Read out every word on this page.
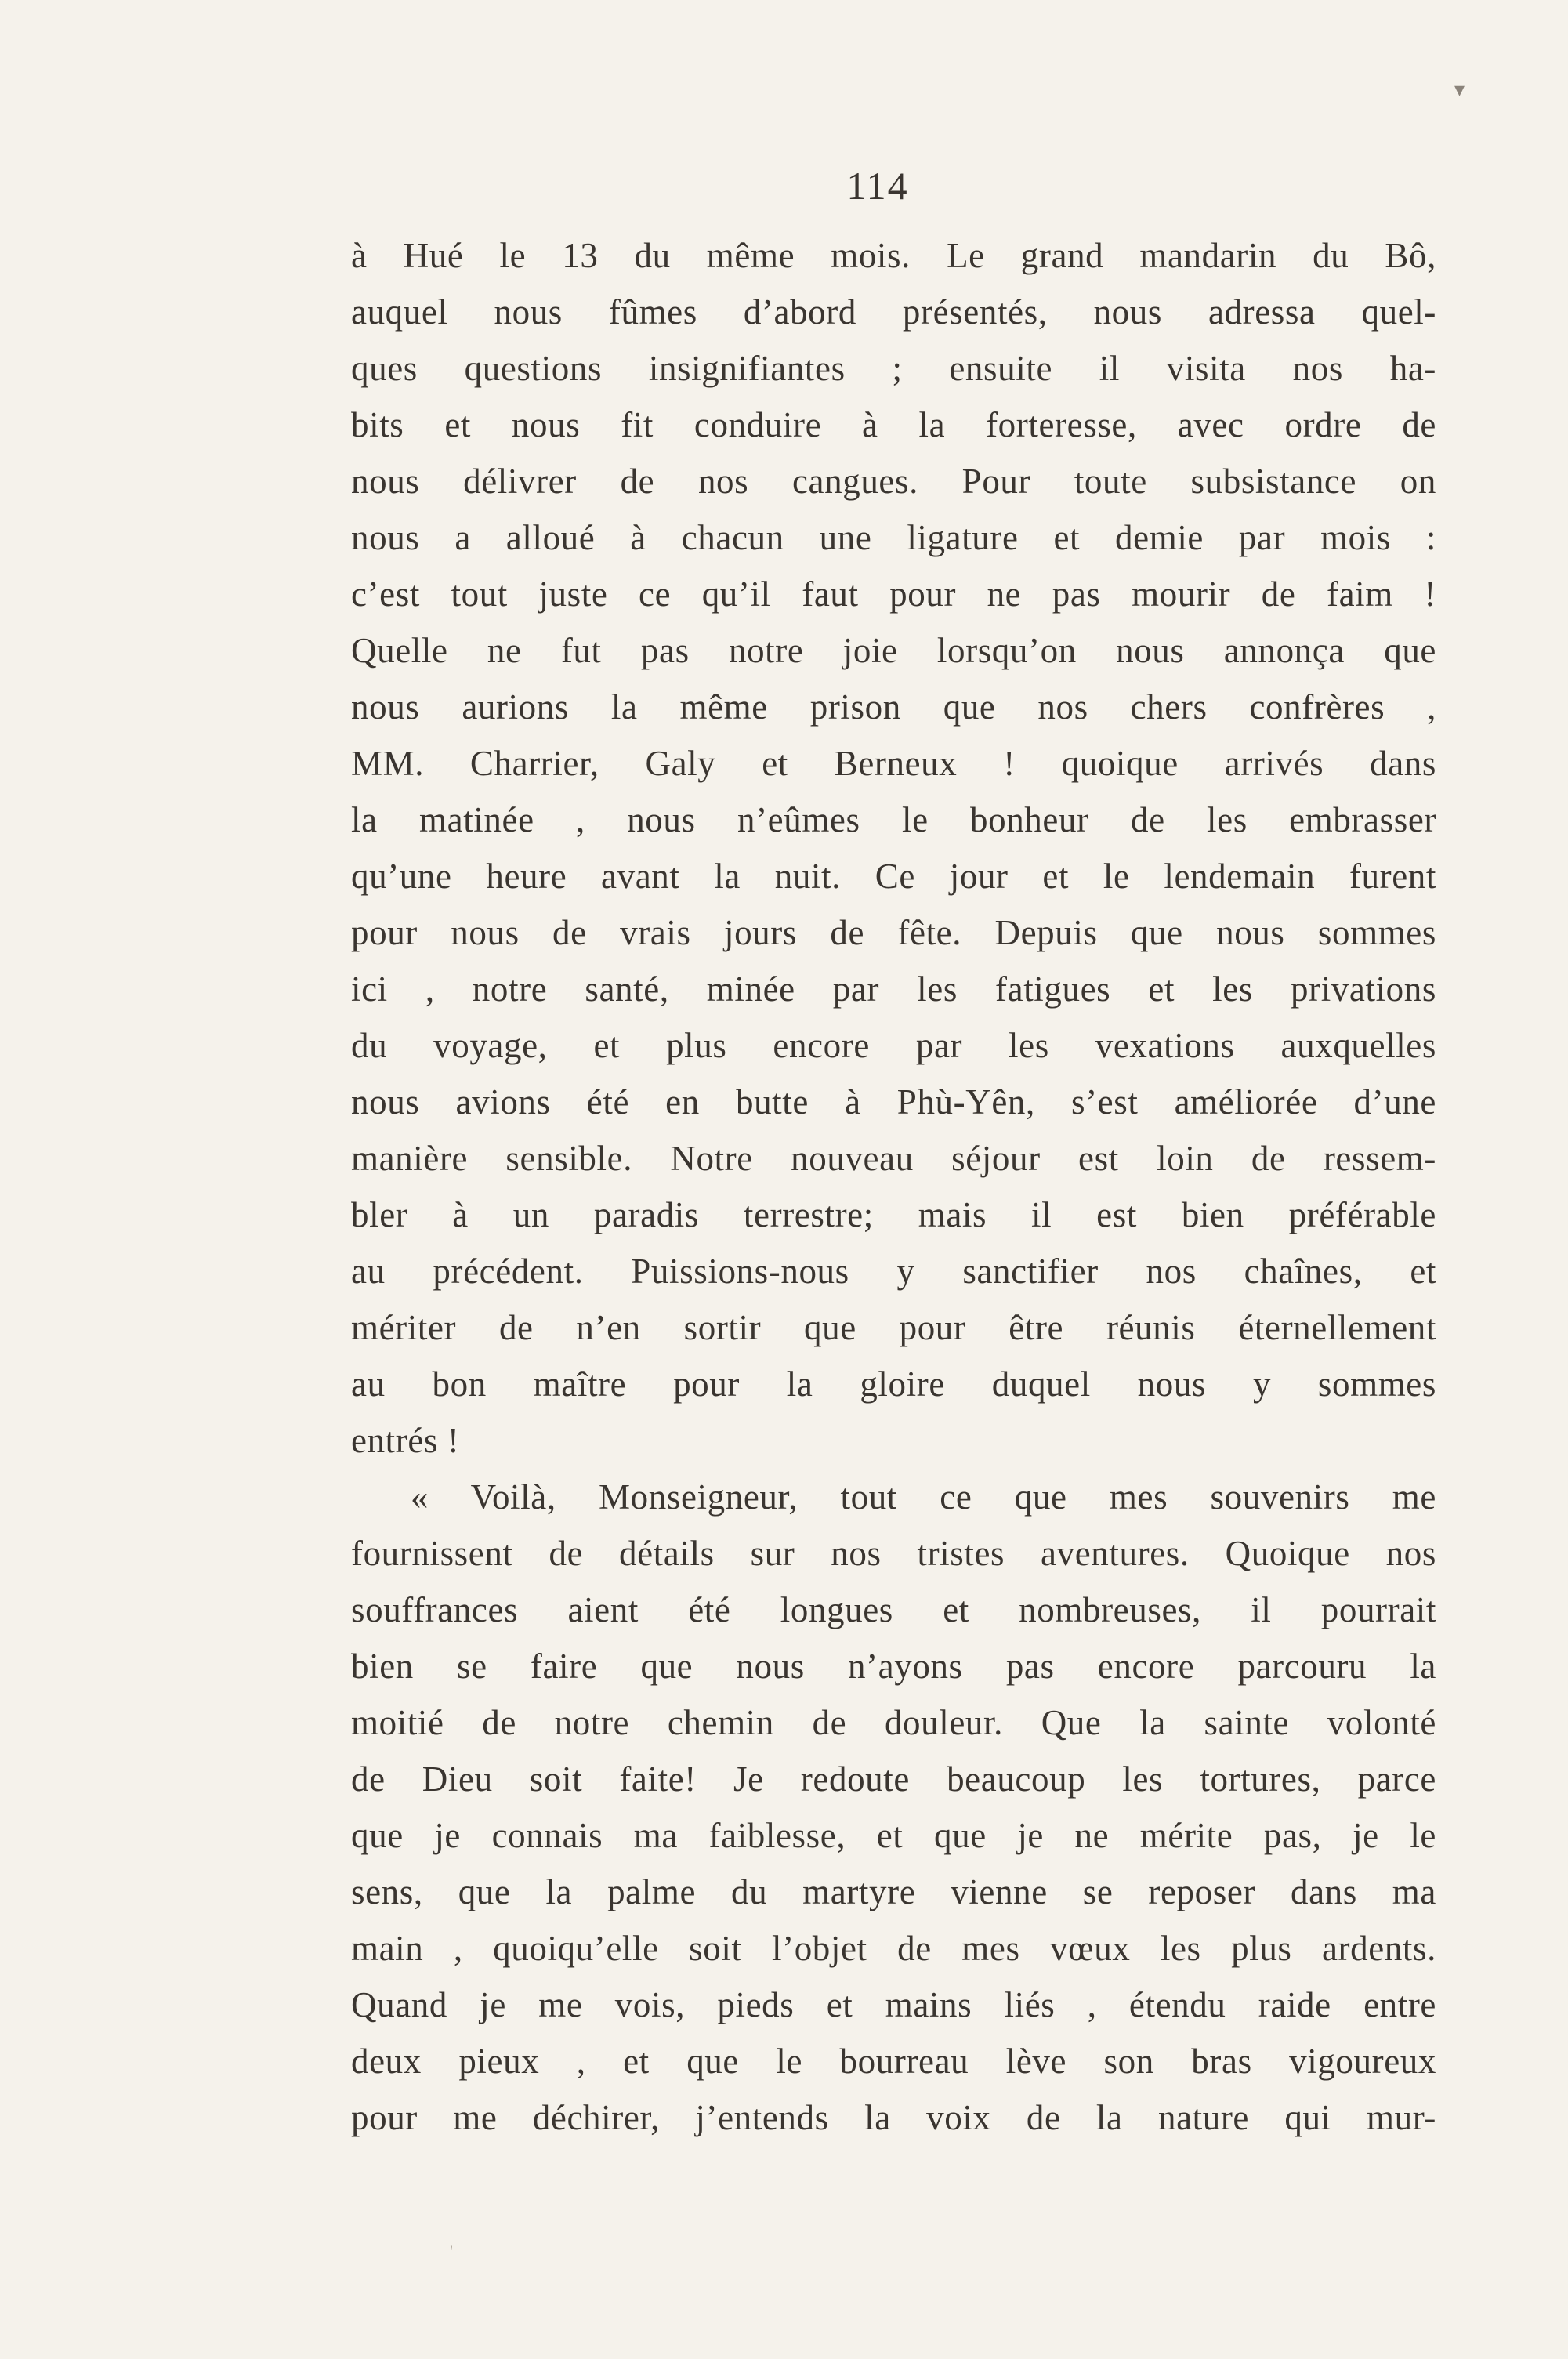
▾
114
à Hué le 13 du même mois. Le grand mandarin du Bô,
auquel nous fûmes d’abord présentés, nous adressa quel-
ques questions insignifiantes ; ensuite il visita nos ha-
bits et nous fit conduire à la forteresse, avec ordre de
nous délivrer de nos cangues. Pour toute subsistance on
nous a alloué à chacun une ligature et demie par mois :
c’est tout juste ce qu’il faut pour ne pas mourir de faim !
Quelle ne fut pas notre joie lorsqu’on nous annonça que
nous aurions la même prison que nos chers confrères ,
MM. Charrier, Galy et Berneux ! quoique arrivés dans
la matinée , nous n’eûmes le bonheur de les embrasser
qu’une heure avant la nuit. Ce jour et le lendemain furent
pour nous de vrais jours de fête. Depuis que nous sommes
ici , notre santé, minée par les fatigues et les privations
du voyage, et plus encore par les vexations auxquelles
nous avions été en butte à Phù-Yên, s’est améliorée d’une
manière sensible. Notre nouveau séjour est loin de ressem-
bler à un paradis terrestre; mais il est bien préférable
au précédent. Puissions-nous y sanctifier nos chaînes, et
mériter de n’en sortir que pour être réunis éternellement
au bon maître pour la gloire duquel nous y sommes
entrés !
« Voilà, Monseigneur, tout ce que mes souvenirs me
fournissent de détails sur nos tristes aventures. Quoique nos
souffrances aient été longues et nombreuses, il pourrait
bien se faire que nous n’ayons pas encore parcouru la
moitié de notre chemin de douleur. Que la sainte volonté
de Dieu soit faite! Je redoute beaucoup les tortures, parce
que je connais ma faiblesse, et que je ne mérite pas, je le
sens, que la palme du martyre vienne se reposer dans ma
main , quoiqu’elle soit l’objet de mes vœux les plus ardents.
Quand je me vois, pieds et mains liés , étendu raide entre
deux pieux , et que le bourreau lève son bras vigoureux
pour me déchirer, j’entends la voix de la nature qui mur-
'
